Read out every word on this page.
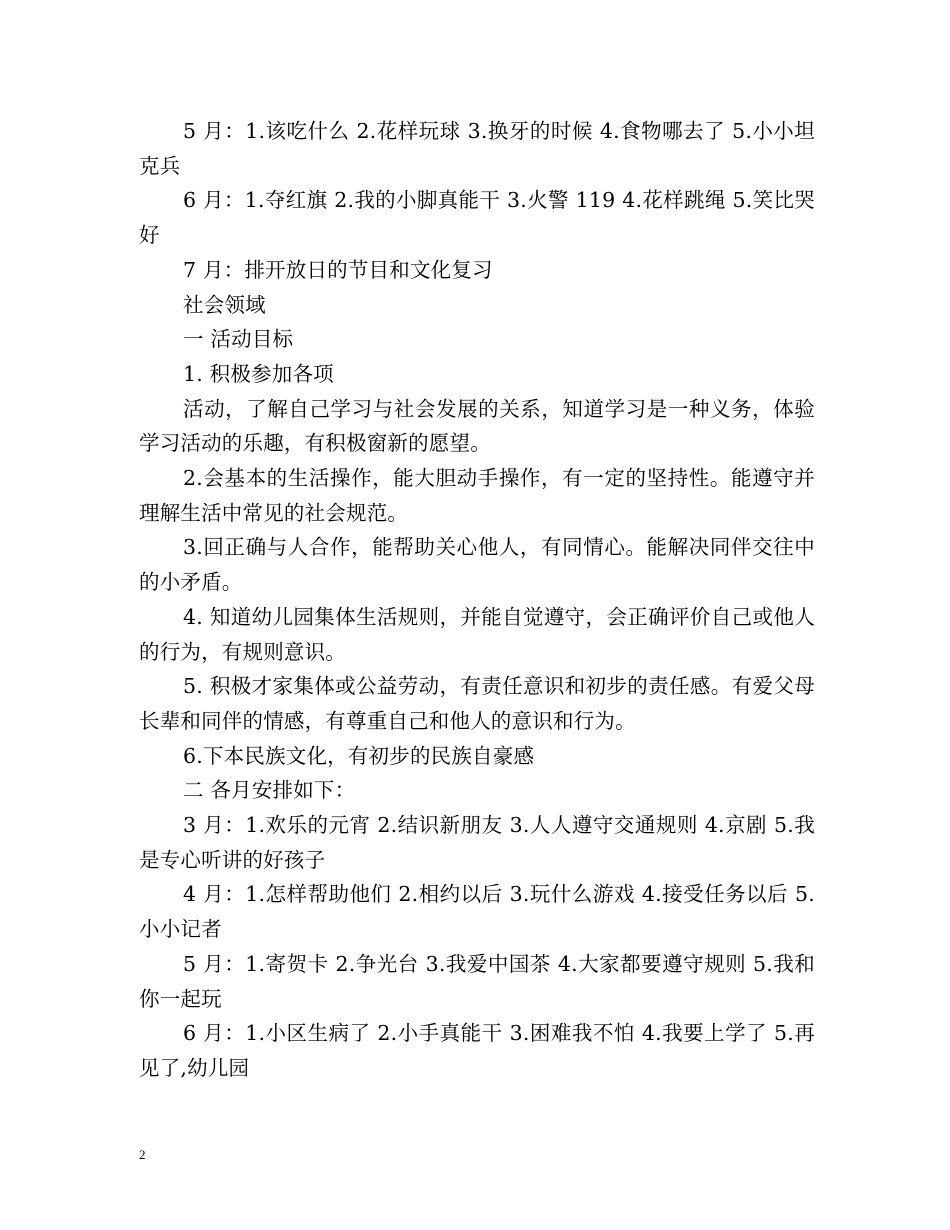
5 月：1.该吃什么 2.花样玩球 3.换牙的时候 4.食物哪去了 5.小小坦克兵

6 月：1.夺红旗 2.我的小脚真能干 3.火警 119 4.花样跳绳 5.笑比哭好

7 月：排开放日的节目和文化复习

社会领域

一 活动目标

1. 积极参加各项

活动，了解自己学习与社会发展的关系，知道学习是一种义务，体验学习活动的乐趣，有积极窗新的愿望。

2.会基本的生活操作，能大胆动手操作，有一定的坚持性。能遵守并理解生活中常见的社会规范。

3.回正确与人合作，能帮助关心他人，有同情心。能解决同伴交往中的小矛盾。

4. 知道幼儿园集体生活规则，并能自觉遵守，会正确评价自己或他人的行为，有规则意识。

5. 积极才家集体或公益劳动，有责任意识和初步的责任感。有爱父母长辈和同伴的情感，有尊重自己和他人的意识和行为。

6.下本民族文化，有初步的民族自豪感

二 各月安排如下：

3 月：1.欢乐的元宵 2.结识新朋友 3.人人遵守交通规则 4.京剧 5.我是专心听讲的好孩子

4 月：1.怎样帮助他们 2.相约以后 3.玩什么游戏 4.接受任务以后 5.小小记者

5 月：1.寄贺卡 2.争光台 3.我爱中国茶 4.大家都要遵守规则 5.我和你一起玩

6 月：1.小区生病了 2.小手真能干 3.困难我不怕 4.我要上学了 5.再见了,幼儿园

2
